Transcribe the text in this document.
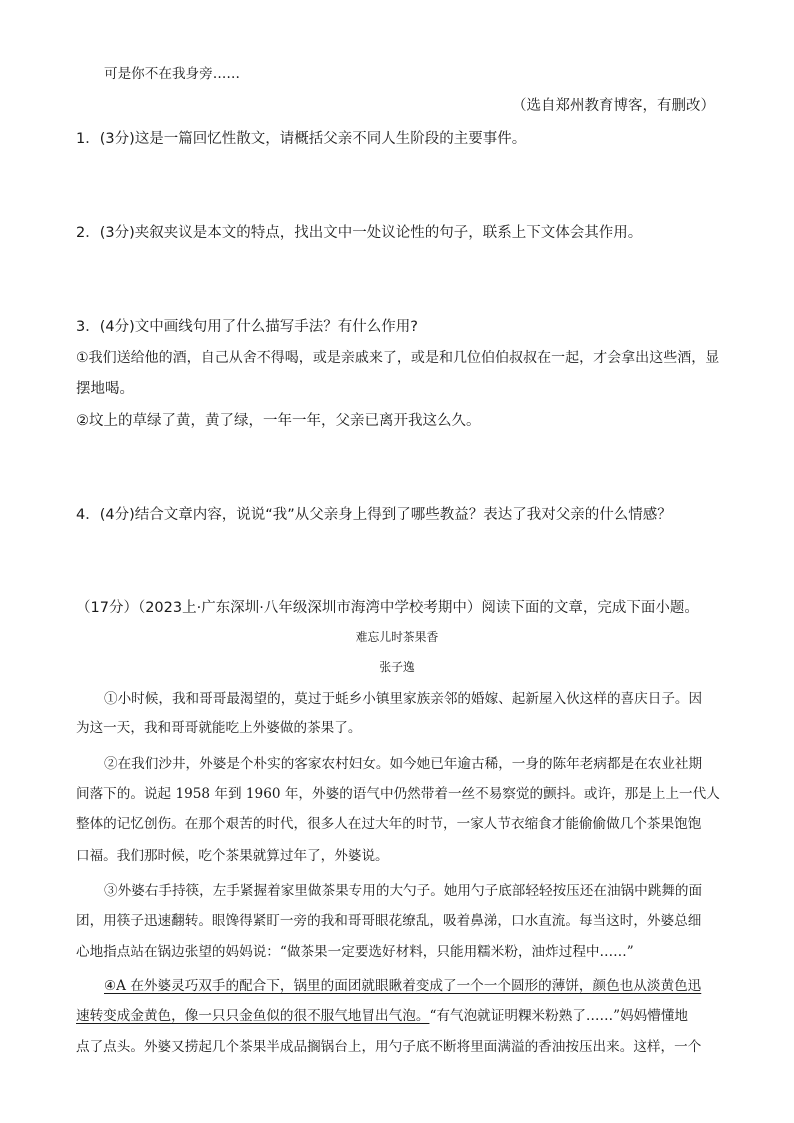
可是你不在我身旁……
（选自郑州教育博客，有删改）
1．(3分)这是一篇回忆性散文，请概括父亲不同人生阶段的主要事件。
2．(3分)夹叙夹议是本文的特点，找出文中一处议论性的句子，联系上下文体会其作用。
3．(4分)文中画线句用了什么描写手法？有什么作用?
①我们送给他的酒，自己从舍不得喝，或是亲戚来了，或是和几位伯伯叔叔在一起，才会拿出这些酒，显
摆地喝。
②坟上的草绿了黄，黄了绿，一年一年，父亲已离开我这么久。
4．(4分)结合文章内容，说说“我”从父亲身上得到了哪些教益？表达了我对父亲的什么情感？
（17分）（2023上·广东深圳·八年级深圳市海湾中学校考期中）阅读下面的文章，完成下面小题。
难忘儿时茶果香
张子逸
①小时候，我和哥哥最渴望的，莫过于蚝乡小镇里家族亲邻的婚嫁、起新屋入伙这样的喜庆日子。因
为这一天，我和哥哥就能吃上外婆做的茶果了。
②在我们沙井，外婆是个朴实的客家农村妇女。如今她已年逾古稀，一身的陈年老病都是在农业社期
间落下的。说起 1958 年到 1960 年，外婆的语气中仍然带着一丝不易察觉的颤抖。或许，那是上上一代人
整体的记忆创伤。在那个艰苦的时代，很多人在过大年的时节，一家人节衣缩食才能偷偷做几个茶果饱饱
口福。我们那时候，吃个茶果就算过年了，外婆说。
③外婆右手持筷，左手紧握着家里做茶果专用的大勺子。她用勺子底部轻轻按压还在油锅中跳舞的面
团，用筷子迅速翻转。眼馋得紧盯一旁的我和哥哥眼花缭乱，吸着鼻涕，口水直流。每当这时，外婆总细
心地指点站在锅边张望的妈妈说：“做茶果一定要选好材料，只能用糯米粉，油炸过程中……”
④A 在外婆灵巧双手的配合下，锅里的面团就眼瞅着变成了一个一个圆形的薄饼，颜色也从淡黄色迅
速转变成金黄色，像一只只金鱼似的很不服气地冒出气泡。“有气泡就证明粿米粉熟了……”妈妈懵懂地
点了点头。外婆又捞起几个茶果半成品搁锅台上，用勺子底不断将里面满溢的香油按压出来。这样，一个
